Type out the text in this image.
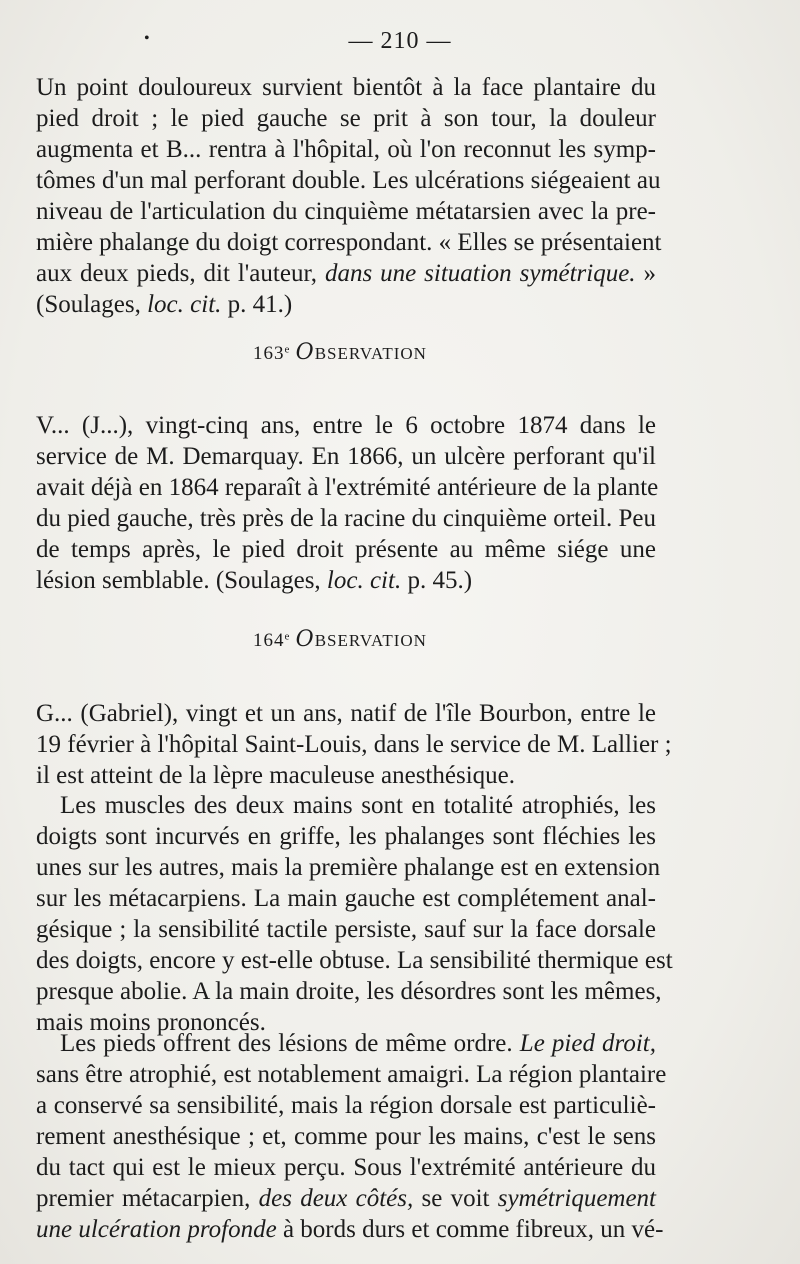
•	— 210 —
Un point douloureux survient bientôt à la face plantaire du
pied droit ; le pied gauche se prit à son tour, la douleur
augmenta et B... rentra à l'hôpital, où l'on reconnut les symp-
tômes d'un mal perforant double. Les ulcérations siégeaient au
niveau de l'articulation du cinquième métatarsien avec la pre-
mière phalange du doigt correspondant. « Elles se présentaient
aux deux pieds, dit l'auteur, dans une situation symétrique. »
(Soulages, loc. cit. p. 41.)
163e OBSERVATION
V... (J...), vingt-cinq ans, entre le 6 octobre 1874 dans le
service de M. Demarquay. En 1866, un ulcère perforant qu'il
avait déjà en 1864 reparaît à l'extrémité antérieure de la plante
du pied gauche, très près de la racine du cinquième orteil. Peu
de temps après, le pied droit présente au même siége une
lésion semblable. (Soulages, loc. cit. p. 45.)
164e OBSERVATION
G... (Gabriel), vingt et un ans, natif de l'île Bourbon, entre le
19 février à l'hôpital Saint-Louis, dans le service de M. Lallier ;
il est atteint de la lèpre maculeuse anesthésique.
Les muscles des deux mains sont en totalité atrophiés, les
doigts sont incurvés en griffe, les phalanges sont fléchies les
unes sur les autres, mais la première phalange est en extension
sur les métacarpiens. La main gauche est complétement anal-
gésique ; la sensibilité tactile persiste, sauf sur la face dorsale
des doigts, encore y est-elle obtuse. La sensibilité thermique est
presque abolie. A la main droite, les désordres sont les mêmes,
mais moins prononcés.
Les pieds offrent des lésions de même ordre. Le pied droit,
sans être atrophié, est notablement amaigri. La région plantaire
a conservé sa sensibilité, mais la région dorsale est particuliè-
rement anesthésique ; et, comme pour les mains, c'est le sens
du tact qui est le mieux perçu. Sous l'extrémité antérieure du
premier métacarpien, des deux côtés, se voit symétriquement
une ulcération profonde à bords durs et comme fibreux, un vé-
